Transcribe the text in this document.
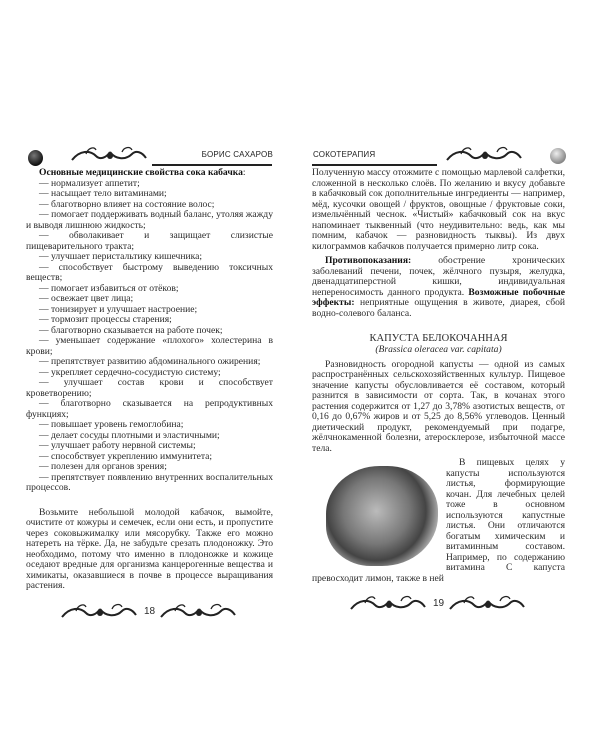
БОРИС САХАРОВ

Основные медицинские свойства сока кабачка:

— нормализует аппетит;

— насыщает тело витаминами;

— благотворно влияет на состояние волос;

— помогает поддерживать водный баланс, утоляя жажду и выводя лишнюю жидкость;

— обволакивает и защищает слизистые пищеварительного тракта;

— улучшает перистальтику кишечника;

— способствует быстрому выведению токсичных веществ;

— помогает избавиться от отёков;

— освежает цвет лица;

— тонизирует и улучшает настроение;

— тормозит процессы старения;

— благотворно сказывается на работе почек;

— уменьшает содержание «плохого» холестерина в крови;

— препятствует развитию абдоминального ожирения;

— укрепляет сердечно-сосудистую систему;

— улучшает состав крови и способствует кроветворению;

— благотворно сказывается на репродуктивных функциях;

— повышает уровень гемоглобина;

— делает сосуды плотными и эластичными;

— улучшает работу нервной системы;

— способствует укреплению иммунитета;

— полезен для органов зрения;

— препятствует появлению внутренних воспалительных процессов.

Возьмите небольшой молодой кабачок, вымойте, очистите от кожуры и семечек, если они есть, и пропустите через соковыжималку или мясорубку. Также его можно натереть на тёрке. Да, не забудьте срезать плодоножку. Это необходимо, потому что именно в плодоножке и кожице оседают вредные для организма канцерогенные вещества и химикаты, оказавшиеся в почве в процессе выращивания растения.

18
СОКОТЕРАПИЯ

Полученную массу отожмите с помощью марлевой салфетки, сложенной в несколько слоёв. По желанию и вкусу добавьте в кабачковый сок дополнительные ингредиенты — например, мёд, кусочки овощей / фруктов, овощные / фруктовые соки, измельчённый чеснок. «Чистый» кабачковый сок на вкус напоминает тыквенный (что неудивительно: ведь, как мы помним, кабачок — разновидность тыквы). Из двух килограммов кабачков получается примерно литр сока.

Противопоказания: обострение хронических заболеваний печени, почек, жёлчного пузыря, желудка, двенадцатиперстной кишки, индивидуальная непереносимость данного продукта. Возможные побочные эффекты: неприятные ощущения в животе, диарея, сбой водно-солевого баланса.

КАПУСТА БЕЛОКОЧАННАЯ

(Brassica oleracea var. capitata)

Разновидность огородной капусты — одной из самых распространённых сельскохозяйственных культур. Пищевое значение капусты обусловливается её составом, который разнится в зависимости от сорта. Так, в кочанах этого растения содержится от 1,27 до 3,78% азотистых веществ, от 0,16 до 0,67% жиров и от 5,25 до 8,56% углеводов. Ценный диетический продукт, рекомендуемый при подагре, жёлчнокаменной болезни, атеросклерозе, избыточной массе тела.

В пищевых целях у капусты используются листья, формирующие кочан. Для лечебных целей тоже в основном используются капустные листья. Они отличаются богатым химическим и витаминным составом. Например, по содержанию витамина С капуста превосходит лимон, также в ней

19
